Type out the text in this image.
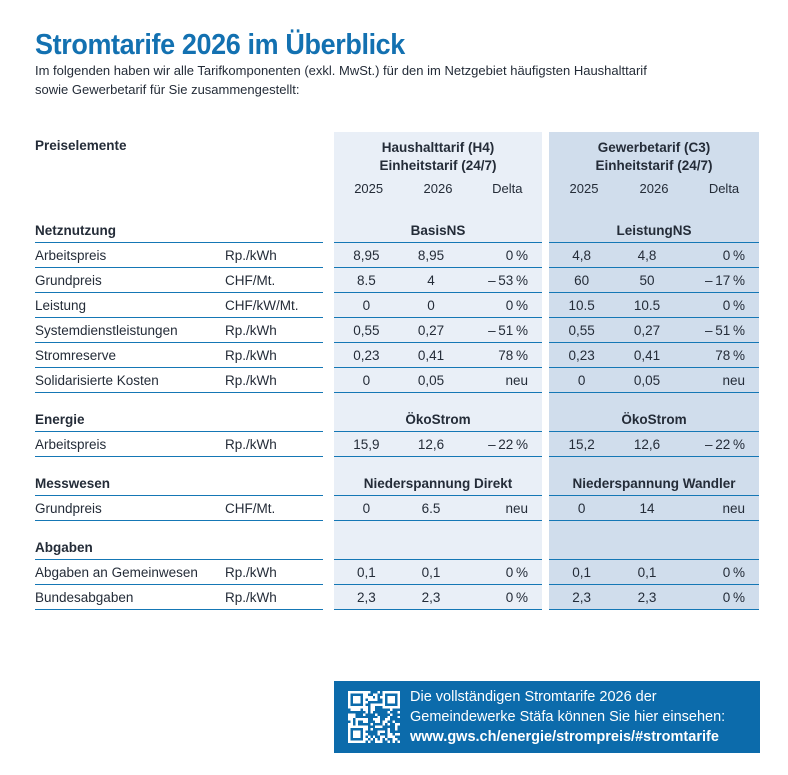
Stromtarife 2026 im Überblick
Im folgenden haben wir alle Tarifkomponenten (exkl. MwSt.) für den im Netzgebiet häufigsten Haushalttarif
sowie Gewerbetarif für Sie zusammengestellt:
Preiselemente	Haushalttarif (H4)
Einheitstarif (24/7)
Gewerbetarif (C3)
Einheitstarif (24/7)
2025	2026	Delta	2025	2026	Delta
Netznutzung	BasisNS	LeistungNS
Arbeitspreis	Rp./kWh	8,95	8,95	0 %	4,8	4,8	0 %
Grundpreis	CHF/Mt.	8.5	4	– 53 %	60	50	– 17 %
Leistung	CHF/kW/Mt.	0	0	0 %	10.5	10.5	0 %
Systemdienstleistungen	Rp./kWh	0,55	0,27	– 51 %	0,55	0,27	– 51 %
Stromreserve	Rp./kWh	0,23	0,41	78 %	0,23	0,41	78 %
Solidarisierte Kosten	Rp./kWh	0	0,05	neu	0	0,05	neu
Energie	ÖkoStrom	ÖkoStrom
Arbeitspreis	Rp./kWh	15,9	12,6	– 22 %	15,2	12,6	– 22 %
Messwesen	Niederspannung Direkt	Niederspannung Wandler
Grundpreis	CHF/Mt.	0	6.5	neu	0	14	neu
Abgaben
Abgaben an Gemeinwesen	Rp./kWh	0,1	0,1	0 %	0,1	0,1	0 %
Bundesabgaben	Rp./kWh	2,3	2,3	0 %	2,3	2,3	0 %
Die vollständigen Stromtarife 2026 der
Gemeindewerke Stäfa können Sie hier einsehen:
www.gws.ch/energie/strompreis/#stromtarife
